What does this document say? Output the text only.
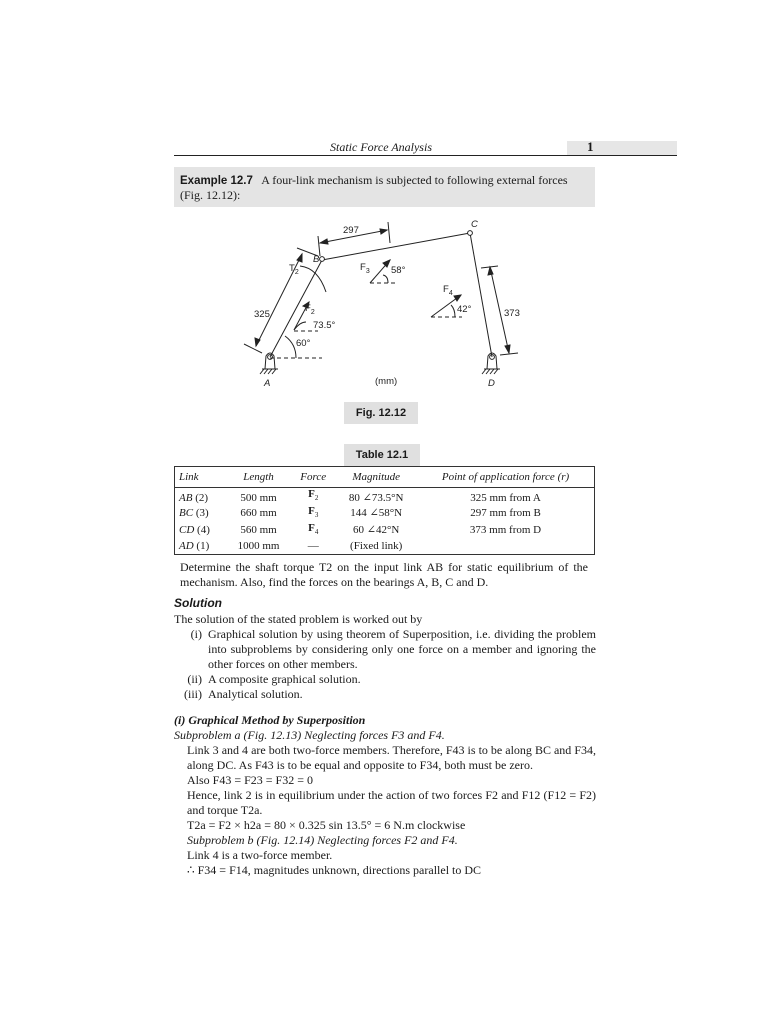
Static Force Analysis	1
Example 12.7 A four-link mechanism is subjected to following external forces
(Fig. 12.12):
A
B
C
D
$T_2$
$F_2$
$F_3$
$F_4$
325
297
373
60°
73.5°
58°
42°
(mm)
Fig. 12.12
Table 12.1
Link	Length	Force	Magnitude	Point of application force (r)
AB (2)	500 mm	$F_2$	80 ∠73.5°N	325 mm from A
BC (3)	660 mm	$F_3$	144 ∠58°N	297 mm from B
CD (4)	560 mm	$F_4$	60 ∠42°N	373 mm from D
AD (1)	1000 mm	—	(Fixed link)	
Determine the shaft torque T2 on the input link AB for static equilibrium of the mechanism. Also, find the forces on the bearings A, B, C and D.
Solution
The solution of the stated problem is worked out by
(i) Graphical solution by using theorem of Superposition, i.e. dividing the problem into subproblems by considering only one force on a member and ignoring the other forces on other members.
(ii) A composite graphical solution.
(iii) Analytical solution.
(i) Graphical Method by Superposition
Subproblem a (Fig. 12.13) Neglecting forces F3 and F4.
Link 3 and 4 are both two-force members. Therefore, F43 is to be along BC and F34, along DC. As F43 is to be equal and opposite to F34, both must be zero.
Also F43 = F23 = F32 = 0
Hence, link 2 is in equilibrium under the action of two forces F2 and F12 (F12 = F2) and torque T2a.
T2a = F2 × h2a = 80 × 0.325 sin 13.5° = 6 N.m clockwise
Subproblem b (Fig. 12.14) Neglecting forces F2 and F4.
Link 4 is a two-force member.
∴ F34 = F14, magnitudes unknown, directions parallel to DC
